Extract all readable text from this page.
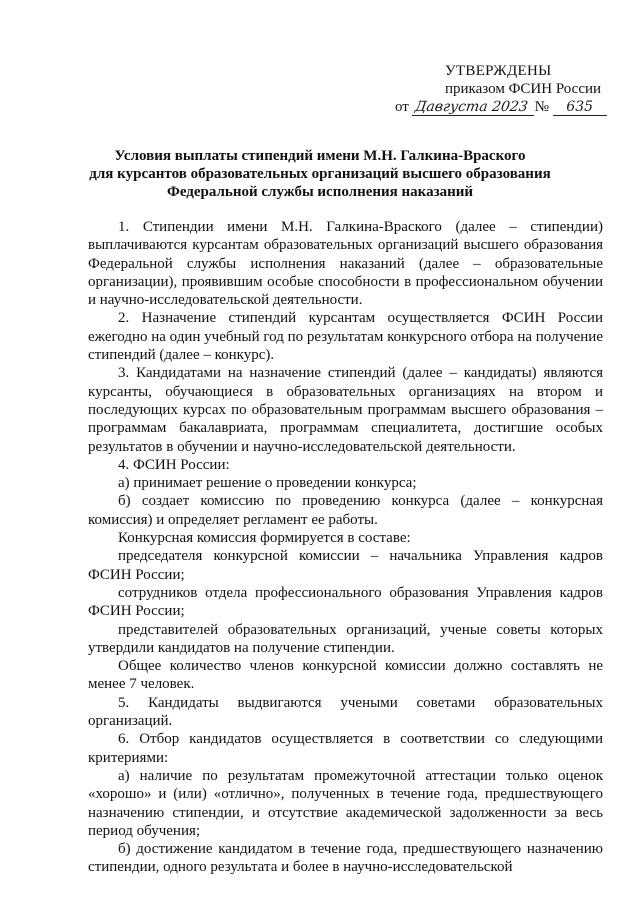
УТВЕРЖДЕНЫ
приказом ФСИН России
от Давгуста 2023 № 635
Условия выплаты стипендий имени М.Н. Галкина-Враского
для курсантов образовательных организаций высшего образования
Федеральной службы исполнения наказаний

1. Стипендии имени М.Н. Галкина-Враского (далее – стипендии) выплачиваются курсантам образовательных организаций высшего образования Федеральной службы исполнения наказаний (далее – образовательные организации), проявившим особые способности в профессиональном обучении и научно-исследовательской деятельности.

2. Назначение стипендий курсантам осуществляется ФСИН России ежегодно на один учебный год по результатам конкурсного отбора на получение стипендий (далее – конкурс).

3. Кандидатами на назначение стипендий (далее – кандидаты) являются курсанты, обучающиеся в образовательных организациях на втором и последующих курсах по образовательным программам высшего образования – программам бакалавриата, программам специалитета, достигшие особых результатов в обучении и научно-исследовательской деятельности.

4. ФСИН России:

а) принимает решение о проведении конкурса;

б) создает комиссию по проведению конкурса (далее – конкурсная комиссия) и определяет регламент ее работы.

Конкурсная комиссия формируется в составе:

председателя конкурсной комиссии – начальника Управления кадров ФСИН России;

сотрудников отдела профессионального образования Управления кадров ФСИН России;

представителей образовательных организаций, ученые советы которых утвердили кандидатов на получение стипендии.

Общее количество членов конкурсной комиссии должно составлять не менее 7 человек.

5. Кандидаты выдвигаются учеными советами образовательных организаций.

6. Отбор кандидатов осуществляется в соответствии со следующими критериями:

а) наличие по результатам промежуточной аттестации только оценок «хорошо» и (или) «отлично», полученных в течение года, предшествующего назначению стипендии, и отсутствие академической задолженности за весь период обучения;

б) достижение кандидатом в течение года, предшествующего назначению стипендии, одного результата и более в научно-исследовательской
